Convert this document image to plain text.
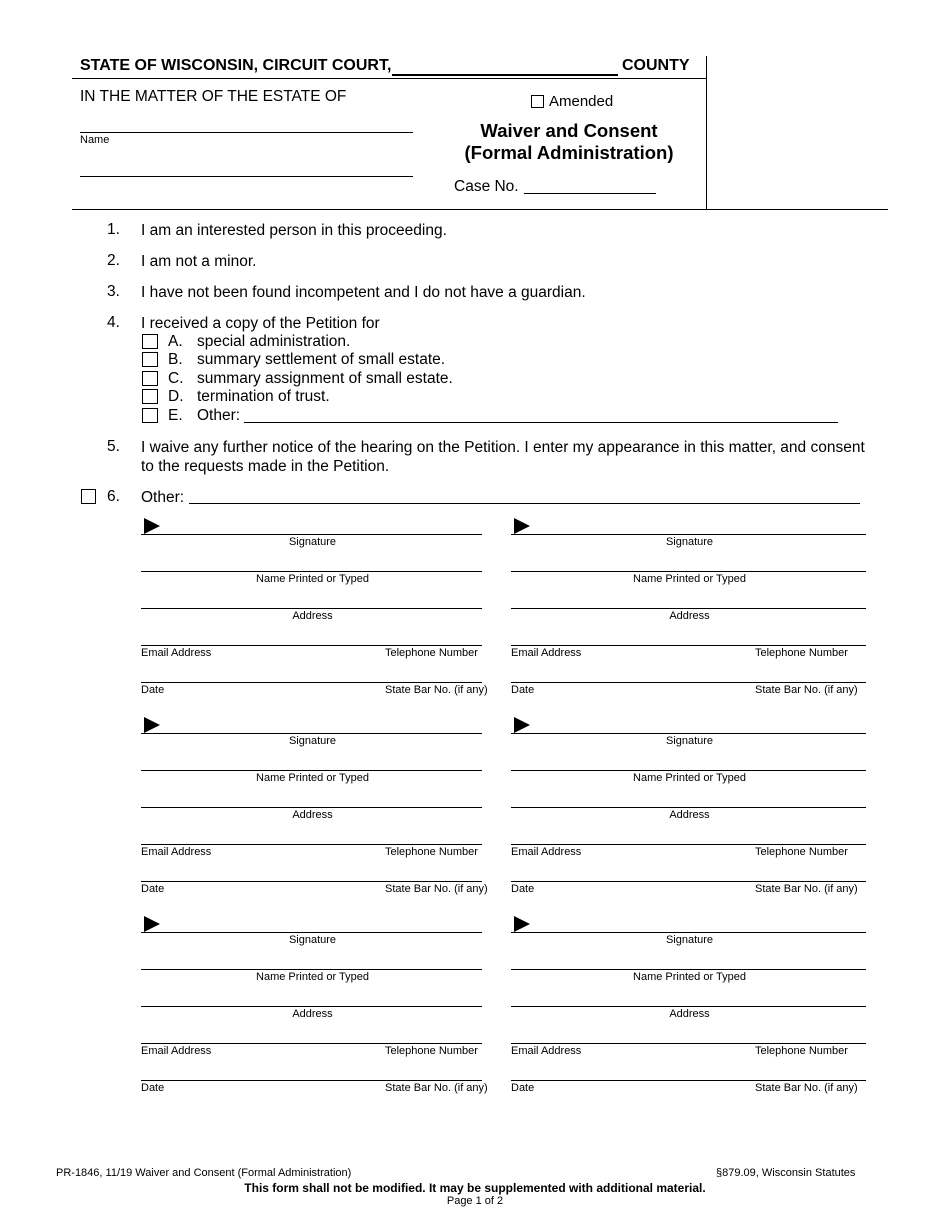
STATE OF WISCONSIN, CIRCUIT COURT,	COUNTY
IN THE MATTER OF THE ESTATE OF
Name
Amended
Waiver and Consent
(Formal Administration)
Case No.
1. I am an interested person in this proceeding.
2. I am not a minor.
3. I have not been found incompetent and I do not have a guardian.
4. I received a copy of the Petition for
A. special administration.
B. summary settlement of small estate.
C. summary assignment of small estate.
D. termination of trust.
E. Other:
5. I waive any further notice of the hearing on the Petition. I enter my appearance in this matter, and consent to the requests made in the Petition.
6. Other:
Signature
Name Printed or Typed
Address
Email Address	Telephone Number
Date	State Bar No. (if any)
Signature
Name Printed or Typed
Address
Email Address	Telephone Number
Date	State Bar No. (if any)
Signature
Name Printed or Typed
Address
Email Address	Telephone Number
Date	State Bar No. (if any)
Signature
Name Printed or Typed
Address
Email Address	Telephone Number
Date	State Bar No. (if any)
Signature
Name Printed or Typed
Address
Email Address	Telephone Number
Date	State Bar No. (if any)
Signature
Name Printed or Typed
Address
Email Address	Telephone Number
Date	State Bar No. (if any)
PR-1846, 11/19 Waiver and Consent (Formal Administration)	§879.09, Wisconsin Statutes
This form shall not be modified. It may be supplemented with additional material.
Page 1 of 2
